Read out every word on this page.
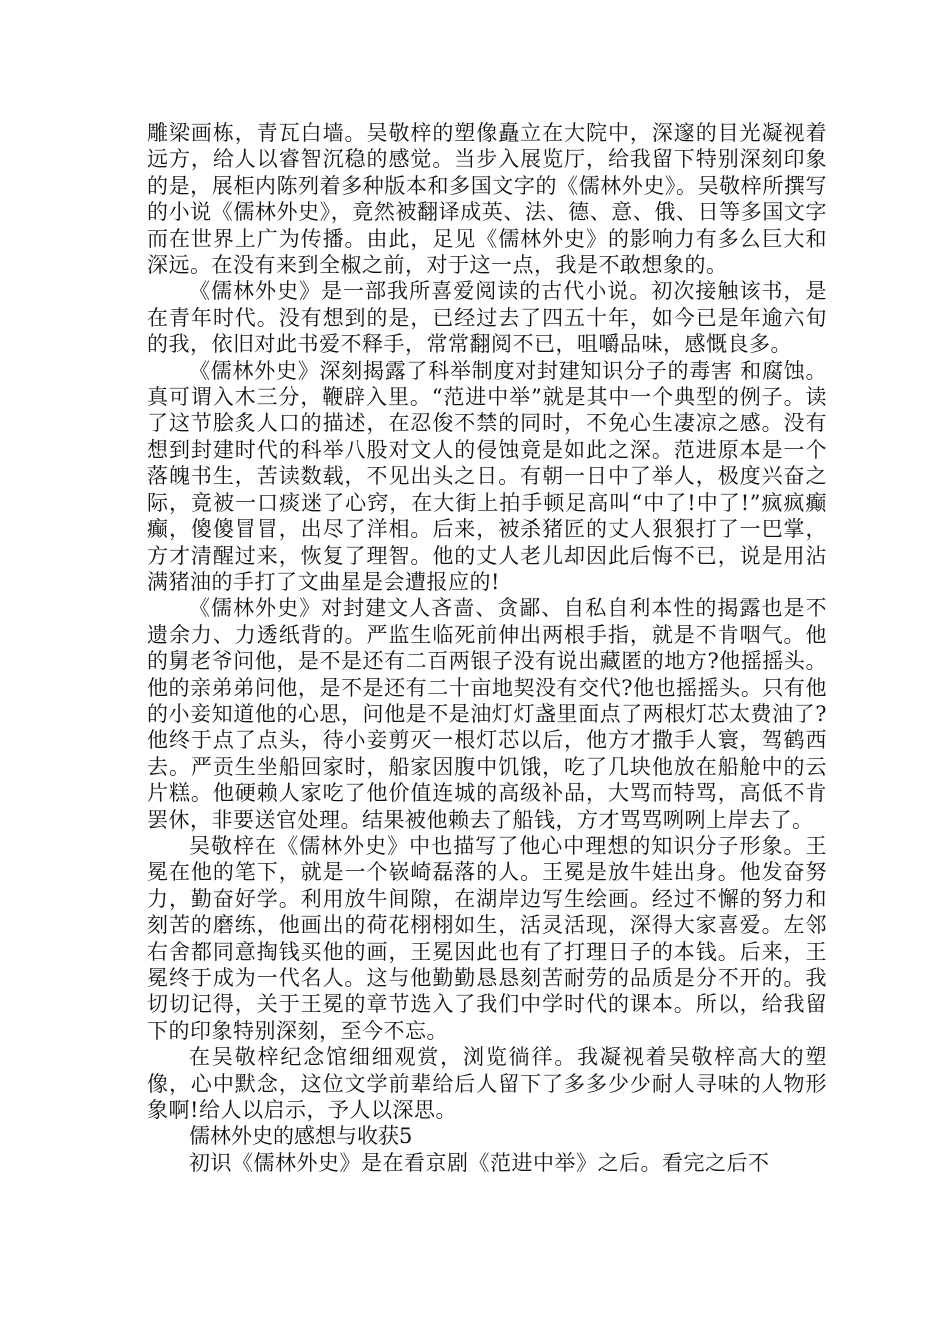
雕梁画栋，青瓦白墙。吴敬梓的塑像矗立在大院中，深邃的目光凝视着远方，给人以睿智沉稳的感觉。当步入展览厅，给我留下特别深刻印象的是，展柜内陈列着多种版本和多国文字的《儒林外史》。吴敬梓所撰写的小说《儒林外史》，竟然被翻译成英、法、德、意、俄、日等多国文字而在世界上广为传播。由此，足见《儒林外史》的影响力有多么巨大和深远。在没有来到全椒之前，对于这一点，我是不敢想象的。

《儒林外史》是一部我所喜爱阅读的古代小说。初次接触该书，是在青年时代。没有想到的是，已经过去了四五十年，如今已是年逾六旬的我，依旧对此书爱不释手，常常翻阅不已，咀嚼品味，感慨良多。

《儒林外史》深刻揭露了科举制度对封建知识分子的毒害 和腐蚀。真可谓入木三分，鞭辟入里。“范进中举”就是其中一个典型的例子。读了这节脍炙人口的描述，在忍俊不禁的同时，不免心生凄凉之感。没有想到封建时代的科举八股对文人的侵蚀竟是如此之深。范进原本是一个落魄书生，苦读数载，不见出头之日。有朝一日中了举人，极度兴奋之际，竟被一口痰迷了心窍，在大街上拍手顿足高叫“中了!中了!”疯疯癫癫，傻傻冒冒，出尽了洋相。后来，被杀猪匠的丈人狠狠打了一巴掌，方才清醒过来，恢复了理智。他的丈人老儿却因此后悔不已，说是用沾满猪油的手打了文曲星是会遭报应的!

《儒林外史》对封建文人吝啬、贪鄙、自私自利本性的揭露也是不遗余力、力透纸背的。严监生临死前伸出两根手指，就是不肯咽气。他的舅老爷问他，是不是还有二百两银子没有说出藏匿的地方?他摇摇头。他的亲弟弟问他，是不是还有二十亩地契没有交代?他也摇摇头。只有他的小妾知道他的心思，问他是不是油灯灯盏里面点了两根灯芯太费油了?他终于点了点头，待小妾剪灭一根灯芯以后，他方才撒手人寰，驾鹤西去。严贡生坐船回家时，船家因腹中饥饿，吃了几块他放在船舱中的云片糕。他硬赖人家吃了他价值连城的高级补品，大骂而特骂，高低不肯罢休，非要送官处理。结果被他赖去了船钱，方才骂骂咧咧上岸去了。

吴敬梓在《儒林外史》中也描写了他心中理想的知识分子形象。王冕在他的笔下，就是一个嵚崎磊落的人。王冕是放牛娃出身。他发奋努力，勤奋好学。利用放牛间隙，在湖岸边写生绘画。经过不懈的努力和刻苦的磨练，他画出的荷花栩栩如生，活灵活现，深得大家喜爱。左邻右舍都同意掏钱买他的画，王冕因此也有了打理日子的本钱。后来，王冕终于成为一代名人。这与他勤勤恳恳刻苦耐劳的品质是分不开的。我切切记得，关于王冕的章节选入了我们中学时代的课本。所以，给我留下的印象特别深刻，至今不忘。

在吴敬梓纪念馆细细观赏，浏览徜徉。我凝视着吴敬梓高大的塑像，心中默念，这位文学前辈给后人留下了多多少少耐人寻味的人物形象啊!给人以启示，予人以深思。

儒林外史的感想与收获5

初识《儒林外史》是在看京剧《范进中举》之后。看完之后不
